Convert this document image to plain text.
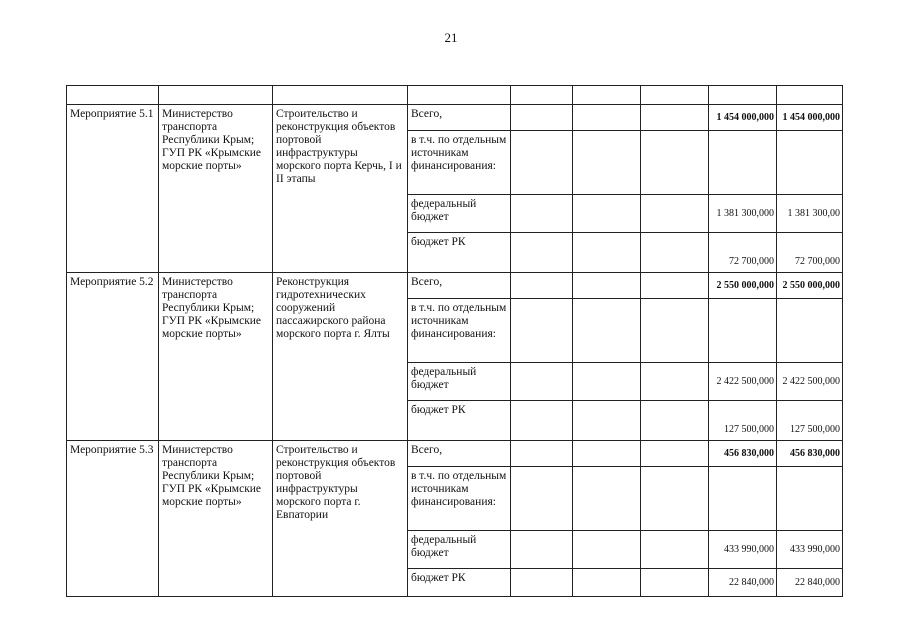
21

Мероприятие 5.1	Министерство транспорта Республики Крым; ГУП РК «Крымские морские порты»	Строительство и реконструкция объектов портовой инфраструктуры морского порта Керчь, I и II этапы	Всего,				1 454 000,000	1 454 000,000
			в т.ч. по отдельным источникам финансирования:					
			федеральный бюджет				1 381 300,000	1 381 300,00
			бюджет РК				72 700,000	72 700,000
Мероприятие 5.2	Министерство транспорта Республики Крым; ГУП РК «Крымские морские порты»	Реконструкция гидротехнических сооружений пассажирского района морского порта г. Ялты	Всего,				2 550 000,000	2 550 000,000
			в т.ч. по отдельным источникам финансирования:					
			федеральный бюджет				2 422 500,000	2 422 500,000
			бюджет РК				127 500,000	127 500,000
Мероприятие 5.3	Министерство транспорта Республики Крым; ГУП РК «Крымские морские порты»	Строительство и реконструкция объектов портовой инфраструктуры морского порта г. Евпатории	Всего,				456 830,000	456 830,000
			в т.ч. по отдельным источникам финансирования:					
			федеральный бюджет				433 990,000	433 990,000
			бюджет РК				22 840,000	22 840,000
